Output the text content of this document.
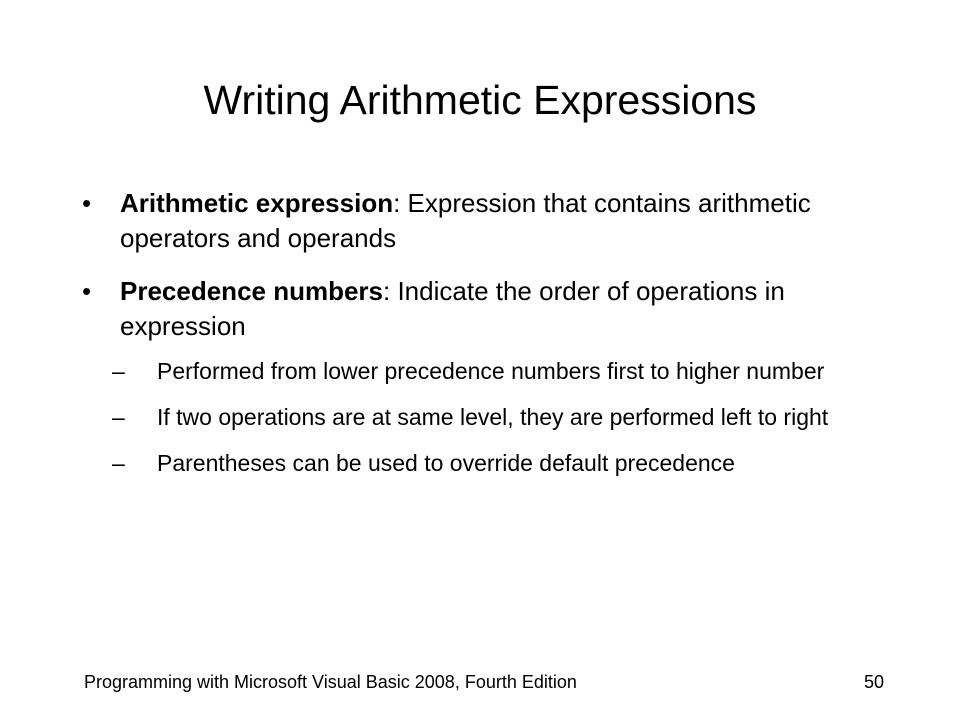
Writing Arithmetic Expressions
• Arithmetic expression: Expression that contains arithmetic operators and operands
• Precedence numbers: Indicate the order of operations in expression
– Performed from lower precedence numbers first to higher number
– If two operations are at same level, they are performed left to right
– Parentheses can be used to override default precedence
Programming with Microsoft Visual Basic 2008, Fourth Edition	50
